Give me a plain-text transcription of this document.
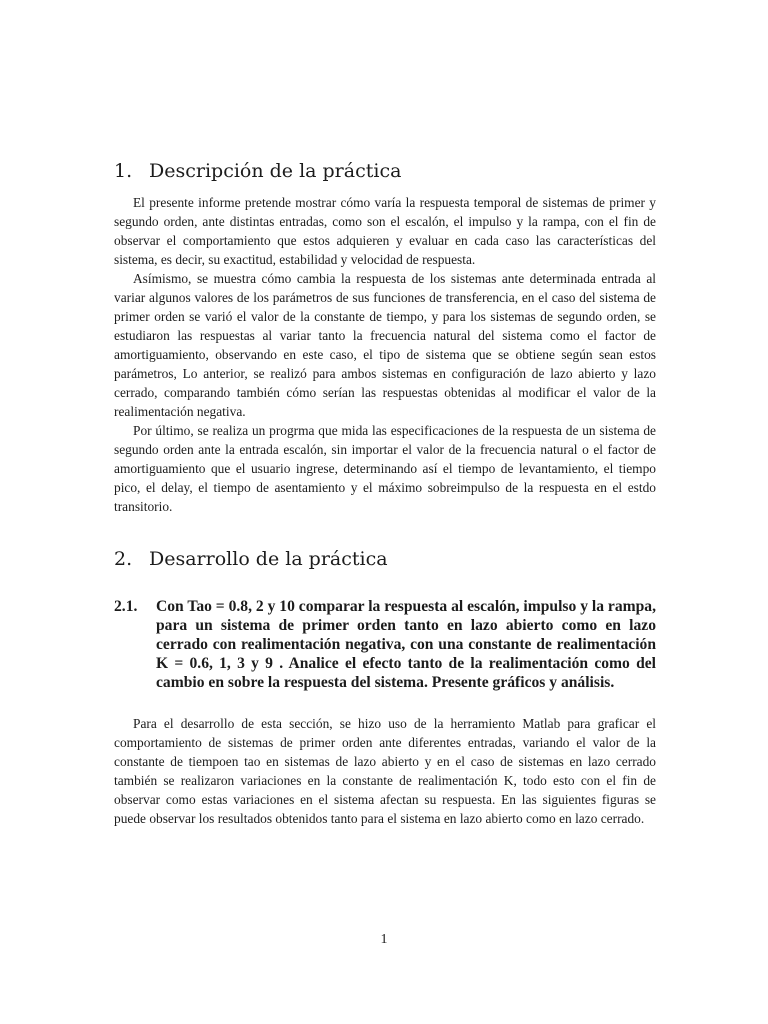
1. Descripción de la práctica

El presente informe pretende mostrar cómo varía la respuesta temporal de sistemas de primer y segundo orden, ante distintas entradas, como son el escalón, el impulso y la rampa, con el fin de observar el comportamiento que estos adquieren y evaluar en cada caso las características del sistema, es decir, su exactitud, estabilidad y velocidad de respuesta.

Asímismo, se muestra cómo cambia la respuesta de los sistemas ante determinada entrada al variar algunos valores de los parámetros de sus funciones de transferencia, en el caso del sistema de primer orden se varió el valor de la constante de tiempo, y para los sistemas de segundo orden, se estudiaron las respuestas al variar tanto la frecuencia natural del sistema como el factor de amortiguamiento, observando en este caso, el tipo de sistema que se obtiene según sean estos parámetros, Lo anterior, se realizó para ambos sistemas en configuración de lazo abierto y lazo cerrado, comparando también cómo serían las respuestas obtenidas al modificar el valor de la realimentación negativa.

Por último, se realiza un progrma que mida las especificaciones de la respuesta de un sistema de segundo orden ante la entrada escalón, sin importar el valor de la frecuencia natural o el factor de amortiguamiento que el usuario ingrese, determinando así el tiempo de levantamiento, el tiempo pico, el delay, el tiempo de asentamiento y el máximo sobreimpulso de la respuesta en el estdo transitorio.

2. Desarrollo de la práctica
2.1.	Con Tao = 0.8, 2 y 10 comparar la respuesta al escalón, impulso y la rampa, para un sistema de primer orden tanto en lazo abierto como en lazo cerrado con realimentación negativa, con una constante de realimentación K = 0.6, 1, 3 y 9 . Analice el efecto tanto de la realimentación como del cambio en sobre la respuesta del sistema. Presente gráficos y análisis.

Para el desarrollo de esta sección, se hizo uso de la herramiento Matlab para graficar el comportamiento de sistemas de primer orden ante diferentes entradas, variando el valor de la constante de tiempoen tao en sistemas de lazo abierto y en el caso de sistemas en lazo cerrado también se realizaron variaciones en la constante de realimentación K, todo esto con el fin de observar como estas variaciones en el sistema afectan su respuesta. En las siguientes figuras se puede observar los resultados obtenidos tanto para el sistema en lazo abierto como en lazo cerrado.

1
